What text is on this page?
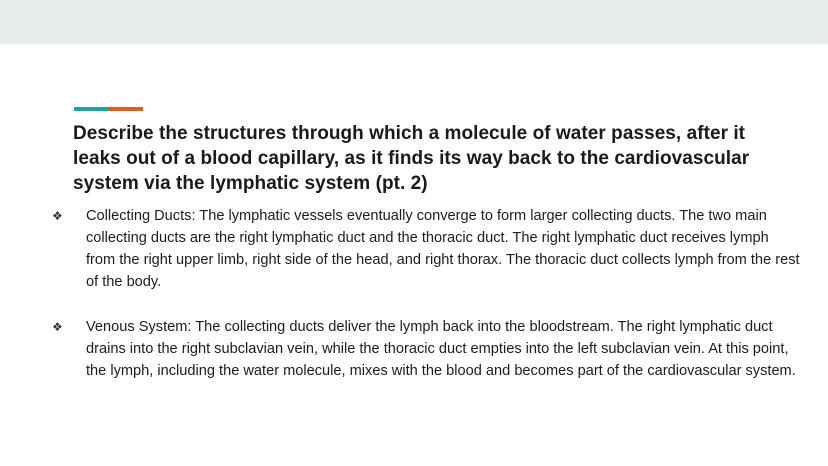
Describe the structures through which a molecule of water passes, after it leaks out of a blood capillary, as it finds its way back to the cardiovascular system via the lymphatic system (pt. 2)
❖ Collecting Ducts: The lymphatic vessels eventually converge to form larger collecting ducts. The two main collecting ducts are the right lymphatic duct and the thoracic duct. The right lymphatic duct receives lymph from the right upper limb, right side of the head, and right thorax. The thoracic duct collects lymph from the rest of the body.
❖ Venous System: The collecting ducts deliver the lymph back into the bloodstream. The right lymphatic duct drains into the right subclavian vein, while the thoracic duct empties into the left subclavian vein. At this point, the lymph, including the water molecule, mixes with the blood and becomes part of the cardiovascular system.
